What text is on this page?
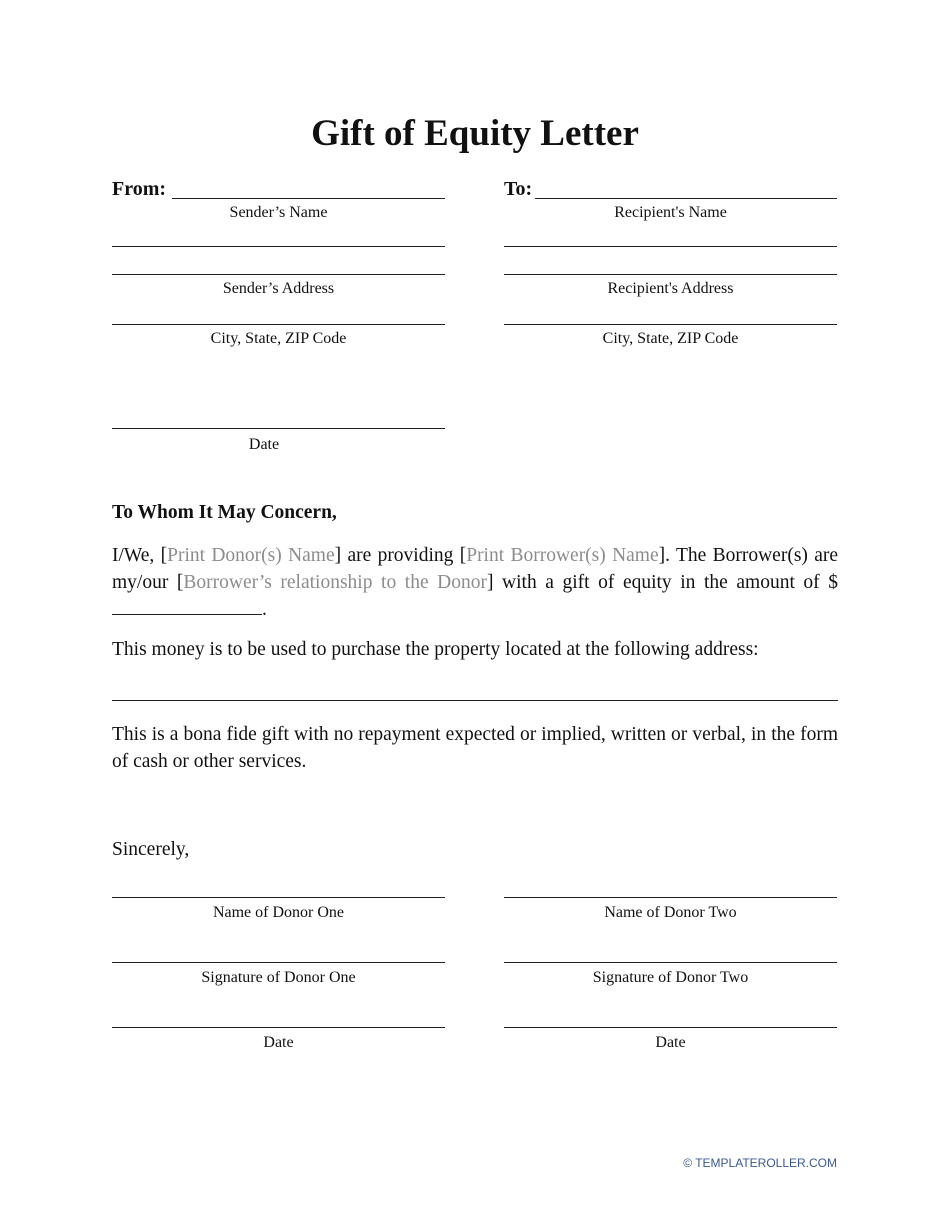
Gift of Equity Letter
From:
Sender’s Name
Sender’s Address
City, State, ZIP Code
Date
To:
Recipient's Name
Recipient's Address
City, State, ZIP Code
To Whom It May Concern,
I/We, [Print Donor(s) Name] are providing [Print Borrower(s) Name]. The Borrower(s) are my/our [Borrower’s relationship to the Donor] with a gift of equity in the amount of $.
This money is to be used to purchase the property located at the following address:
This is a bona fide gift with no repayment expected or implied, written or verbal, in the form of cash or other services.
Sincerely,
Name of Donor One
Signature of Donor One
Date
Name of Donor Two
Signature of Donor Two
Date
© TEMPLATEROLLER.COM
